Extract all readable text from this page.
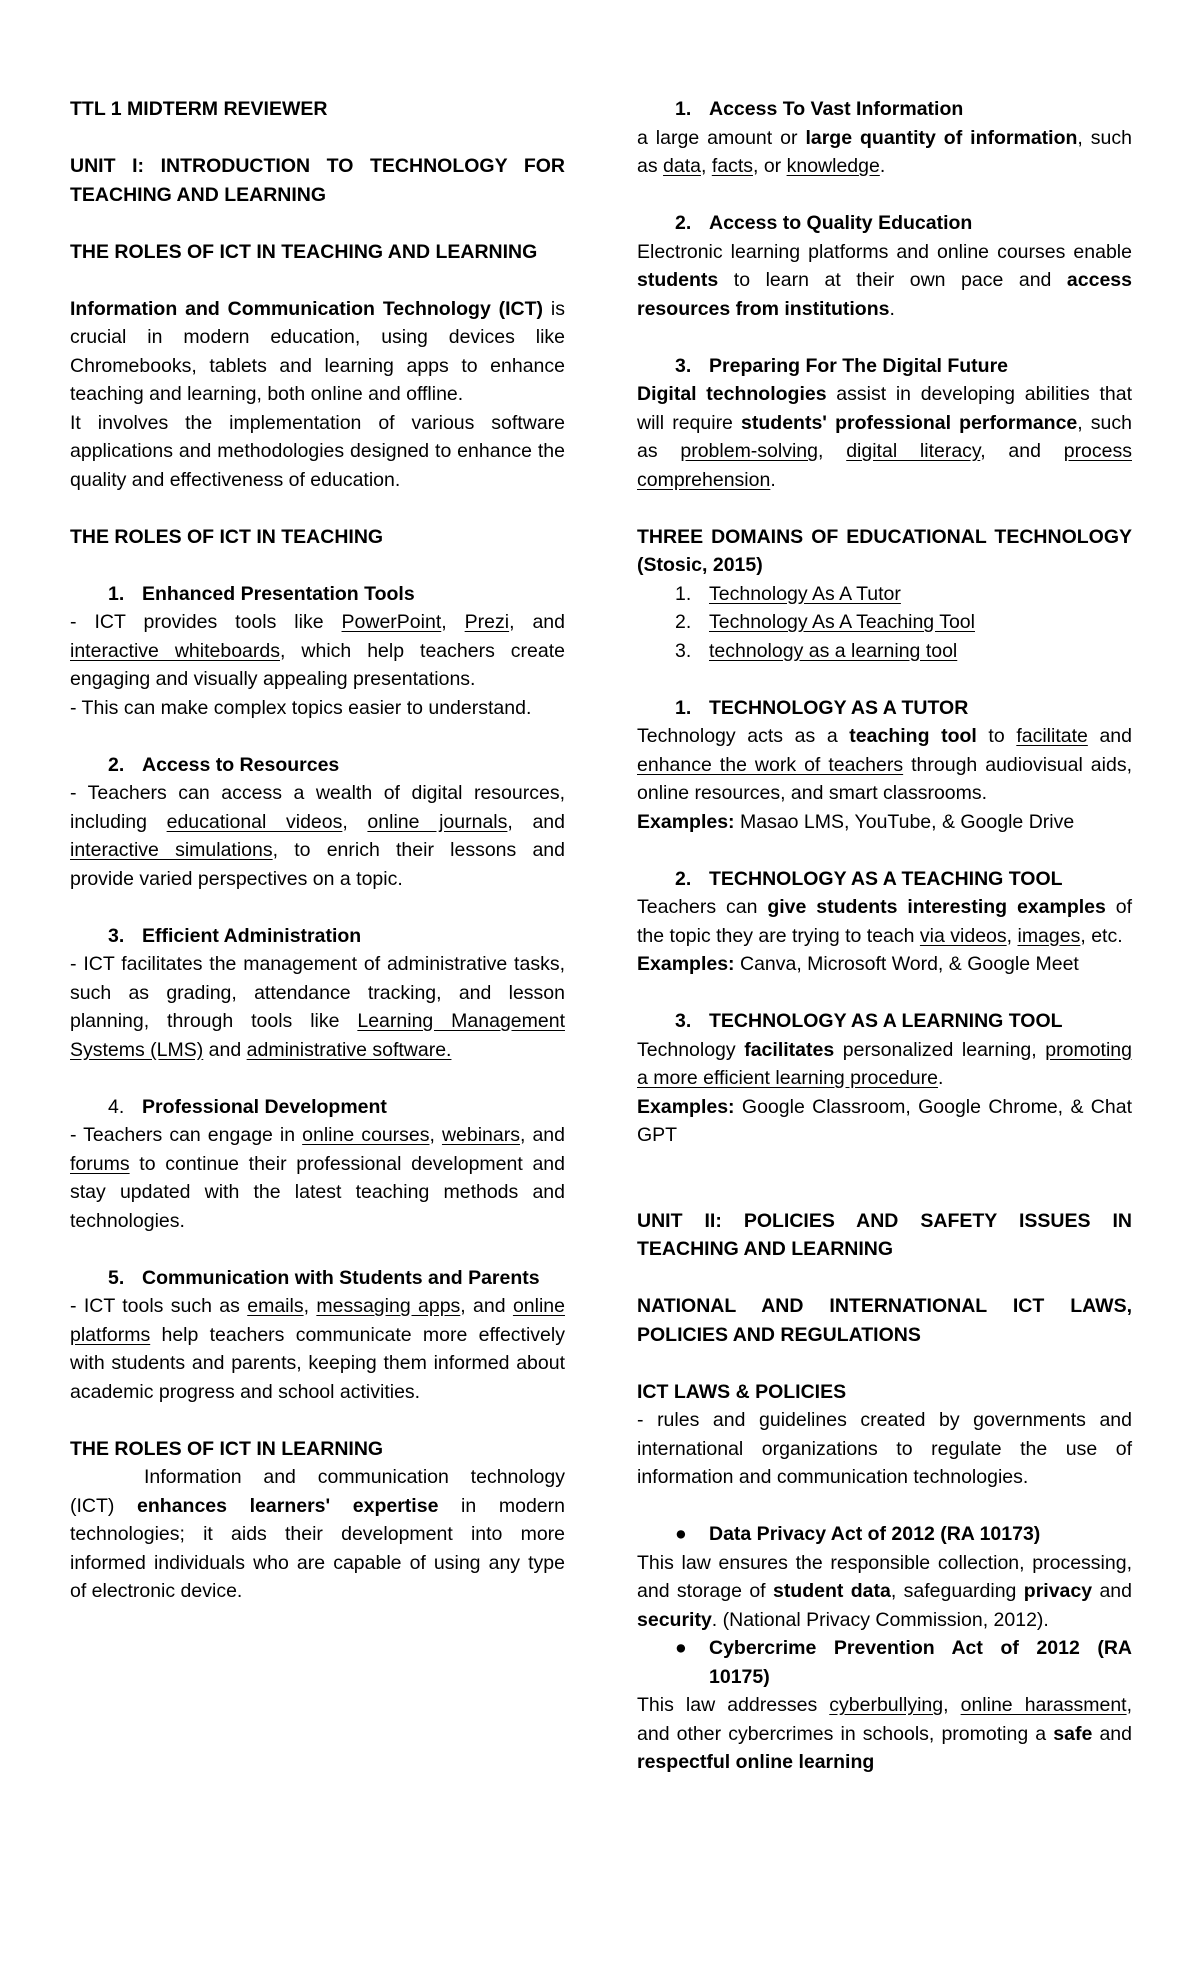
TTL 1 MIDTERM REVIEWER

UNIT I: INTRODUCTION TO TECHNOLOGY FOR TEACHING AND LEARNING

THE ROLES OF ICT IN TEACHING AND LEARNING

Information and Communication Technology (ICT) is crucial in modern education, using devices like Chromebooks, tablets and learning apps to enhance teaching and learning, both online and offline.

It involves the implementation of various software applications and methodologies designed to enhance the quality and effectiveness of education.

THE ROLES OF ICT IN TEACHING

1. Enhanced Presentation Tools

- ICT provides tools like PowerPoint, Prezi, and interactive whiteboards, which help teachers create engaging and visually appealing presentations.

- This can make complex topics easier to understand.

2. Access to Resources

- Teachers can access a wealth of digital resources, including educational videos, online journals, and interactive simulations, to enrich their lessons and provide varied perspectives on a topic.

3. Efficient Administration

- ICT facilitates the management of administrative tasks, such as grading, attendance tracking, and lesson planning, through tools like Learning Management Systems (LMS) and administrative software.

4. Professional Development

- Teachers can engage in online courses, webinars, and forums to continue their professional development and stay updated with the latest teaching methods and technologies.

5. Communication with Students and Parents

- ICT tools such as emails, messaging apps, and online platforms help teachers communicate more effectively with students and parents, keeping them informed about academic progress and school activities.

THE ROLES OF ICT IN LEARNING

Information and communication technology (ICT) enhances learners' expertise in modern technologies; it aids their development into more informed individuals who are capable of using any type of electronic device.

1. Access To Vast Information

a large amount or large quantity of information, such as data, facts, or knowledge.

2. Access to Quality Education

Electronic learning platforms and online courses enable students to learn at their own pace and access resources from institutions.

3. Preparing For The Digital Future

Digital technologies assist in developing abilities that will require students' professional performance, such as problem-solving, digital literacy, and process comprehension.

THREE DOMAINS OF EDUCATIONAL TECHNOLOGY (Stosic, 2015)

1. Technology As A Tutor
2. Technology As A Teaching Tool
3. technology as a learning tool
1. TECHNOLOGY AS A TUTOR

Technology acts as a teaching tool to facilitate and enhance the work of teachers through audiovisual aids, online resources, and smart classrooms.

Examples: Masao LMS, YouTube, & Google Drive

2. TECHNOLOGY AS A TEACHING TOOL

Teachers can give students interesting examples of the topic they are trying to teach via videos, images, etc.

Examples: Canva, Microsoft Word, & Google Meet

3. TECHNOLOGY AS A LEARNING TOOL

Technology facilitates personalized learning, promoting a more efficient learning procedure.

Examples: Google Classroom, Google Chrome, & Chat GPT

UNIT II: POLICIES AND SAFETY ISSUES IN TEACHING AND LEARNING

NATIONAL AND INTERNATIONAL ICT LAWS, POLICIES AND REGULATIONS

ICT LAWS & POLICIES

- rules and guidelines created by governments and international organizations to regulate the use of information and communication technologies.

●	Data Privacy Act of 2012 (RA 10173)

This law ensures the responsible collection, processing, and storage of student data, safeguarding privacy and security. (National Privacy Commission, 2012).

●	Cybercrime Prevention Act of 2012 (RA 10175)

This law addresses cyberbullying, online harassment, and other cybercrimes in schools, promoting a safe and respectful online learning
